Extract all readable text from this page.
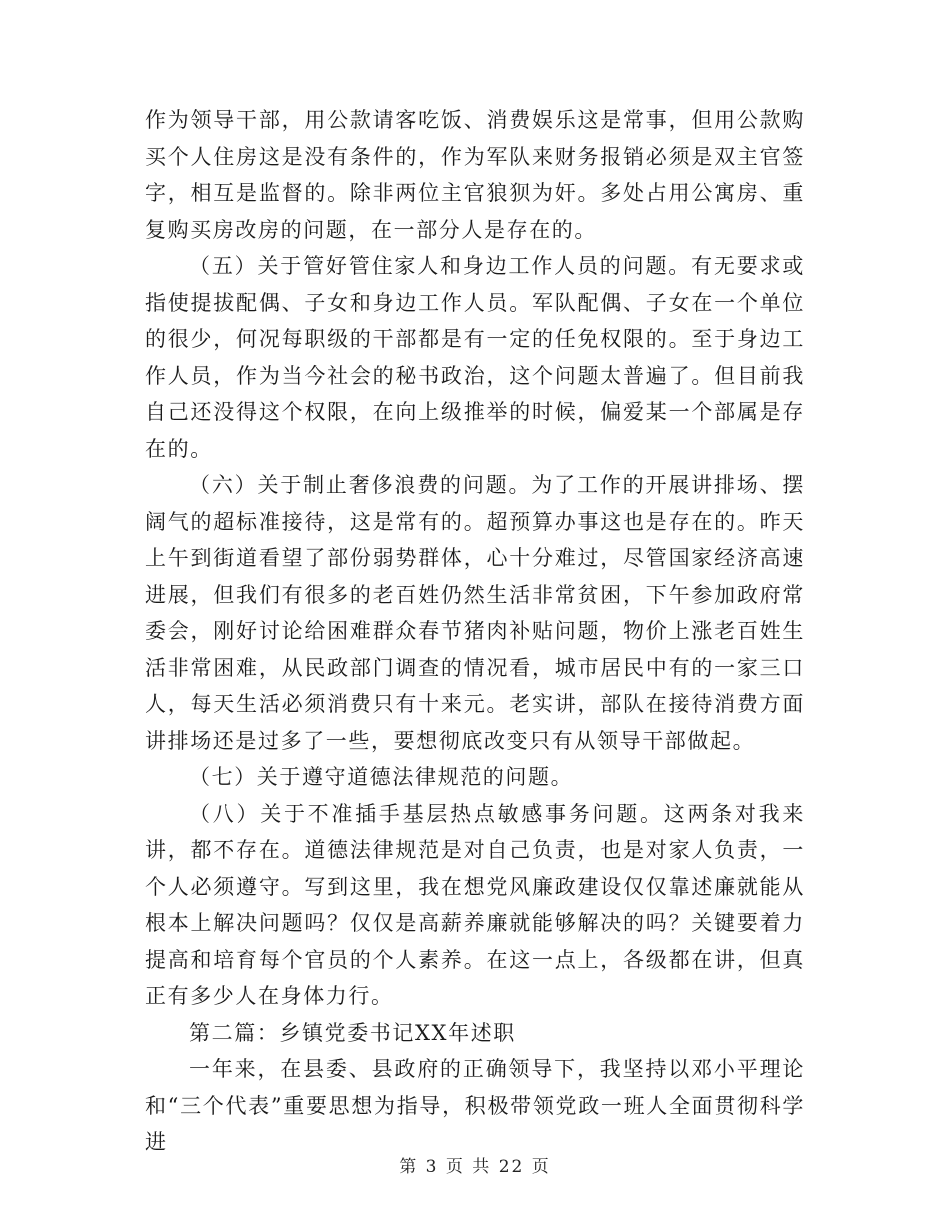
作为领导干部，用公款请客吃饭、消费娱乐这是常事，但用公款购买个人住房这是没有条件的，作为军队来财务报销必须是双主官签字，相互是监督的。除非两位主官狼狈为奸。多处占用公寓房、重复购买房改房的问题，在一部分人是存在的。

（五）关于管好管住家人和身边工作人员的问题。有无要求或指使提拔配偶、子女和身边工作人员。军队配偶、子女在一个单位的很少，何况每职级的干部都是有一定的任免权限的。至于身边工作人员，作为当今社会的秘书政治，这个问题太普遍了。但目前我自己还没得这个权限，在向上级推举的时候，偏爱某一个部属是存在的。

（六）关于制止奢侈浪费的问题。为了工作的开展讲排场、摆阔气的超标准接待，这是常有的。超预算办事这也是存在的。昨天上午到街道看望了部份弱势群体，心十分难过，尽管国家经济高速进展，但我们有很多的老百姓仍然生活非常贫困，下午参加政府常委会，刚好讨论给困难群众春节猪肉补贴问题，物价上涨老百姓生活非常困难，从民政部门调查的情况看，城市居民中有的一家三口人，每天生活必须消费只有十来元。老实讲，部队在接待消费方面讲排场还是过多了一些，要想彻底改变只有从领导干部做起。

（七）关于遵守道德法律规范的问题。

（八）关于不准插手基层热点敏感事务问题。这两条对我来讲，都不存在。道德法律规范是对自己负责，也是对家人负责，一个人必须遵守。写到这里，我在想党风廉政建设仅仅靠述廉就能从根本上解决问题吗？仅仅是高薪养廉就能够解决的吗？关键要着力提高和培育每个官员的个人素养。在这一点上，各级都在讲，但真正有多少人在身体力行。

第二篇：乡镇党委书记XX年述职

一年来，在县委、县政府的正确领导下，我坚持以邓小平理论和“三个代表”重要思想为指导，积极带领党政一班人全面贯彻科学进

第 3 页 共 22 页
